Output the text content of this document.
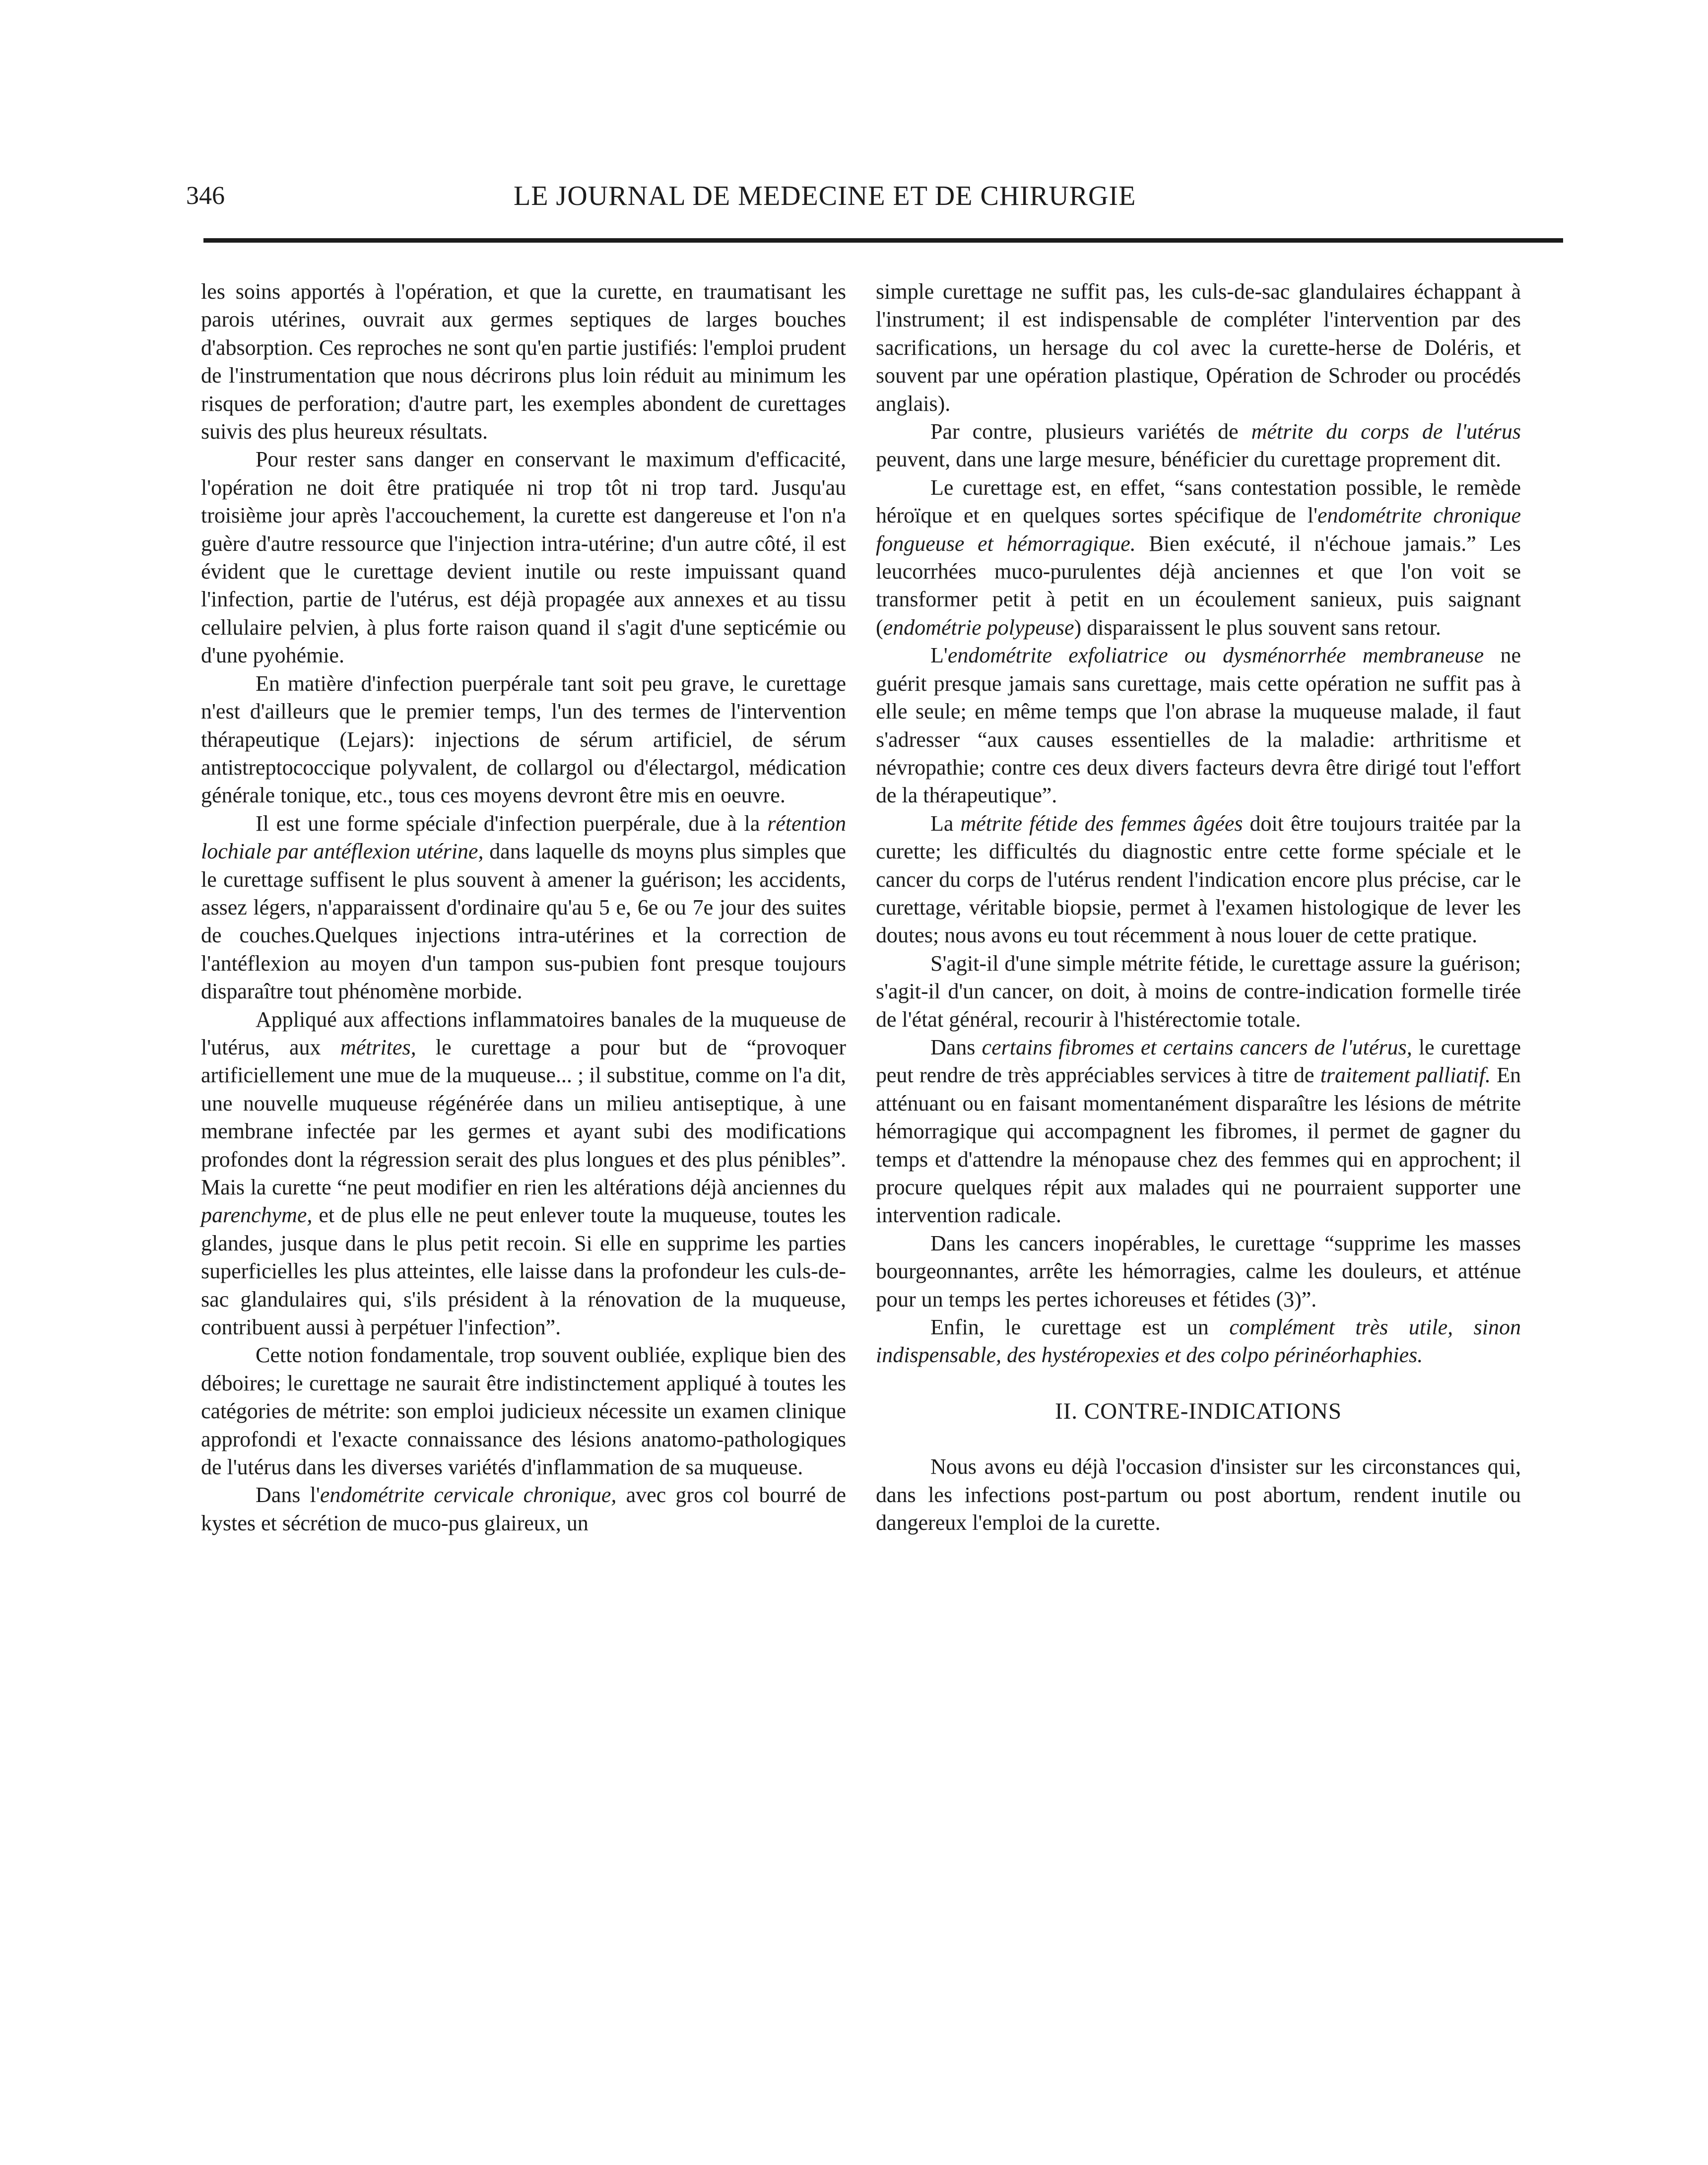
346	LE JOURNAL DE MEDECINE ET DE CHIRURGIE

les soins apportés à l'opération, et que la curette, en traumatisant les parois utérines, ouvrait aux germes septiques de larges bouches d'absorption. Ces reproches ne sont qu'en partie justifiés: l'emploi prudent de l'instrumentation que nous décrirons plus loin réduit au minimum les risques de perforation; d'autre part, les exemples abondent de curettages suivis des plus heureux résultats.

Pour rester sans danger en conservant le maximum d'efficacité, l'opération ne doit être pratiquée ni trop tôt ni trop tard. Jusqu'au troisième jour après l'accouchement, la curette est dangereuse et l'on n'a guère d'autre ressource que l'injection intra-utérine; d'un autre côté, il est évident que le curettage devient inutile ou reste impuissant quand l'infection, partie de l'utérus, est déjà propagée aux annexes et au tissu cellulaire pelvien, à plus forte raison quand il s'agit d'une septicémie ou d'une pyohémie.

En matière d'infection puerpérale tant soit peu grave, le curettage n'est d'ailleurs que le premier temps, l'un des termes de l'intervention thérapeutique (Lejars): injections de sérum artificiel, de sérum antistreptococcique polyvalent, de collargol ou d'électargol, médication générale tonique, etc., tous ces moyens devront être mis en oeuvre.

Il est une forme spéciale d'infection puerpérale, due à la rétention lochiale par antéflexion utérine, dans laquelle ds moyns plus simples que le curettage suffisent le plus souvent à amener la guérison; les accidents, assez légers, n'apparaissent d'ordinaire qu'au 5 e, 6e ou 7e jour des suites de couches.Quelques injections intra-utérines et la correction de l'antéflexion au moyen d'un tampon sus-pubien font presque toujours disparaître tout phénomène morbide.

Appliqué aux affections inflammatoires banales de la muqueuse de l'utérus, aux métrites, le curettage a pour but de “provoquer artificiellement une mue de la muqueuse... ; il substitue, comme on l'a dit, une nouvelle muqueuse régénérée dans un milieu antiseptique, à une membrane infectée par les germes et ayant subi des modifications profondes dont la régression serait des plus longues et des plus pénibles”. Mais la curette “ne peut modifier en rien les altérations déjà anciennes du parenchyme, et de plus elle ne peut enlever toute la muqueuse, toutes les glandes, jusque dans le plus petit recoin. Si elle en supprime les parties superficielles les plus atteintes, elle laisse dans la profondeur les culs-de-sac glandulaires qui, s'ils président à la rénovation de la muqueuse, contribuent aussi à perpétuer l'infection”.

Cette notion fondamentale, trop souvent oubliée, explique bien des déboires; le curettage ne saurait être indistinctement appliqué à toutes les catégories de métrite: son emploi judicieux nécessite un examen clinique approfondi et l'exacte connaissance des lésions anatomo-pathologiques de l'utérus dans les diverses variétés d'inflammation de sa muqueuse.

Dans l'endométrite cervicale chronique, avec gros col bourré de kystes et sécrétion de muco-pus glaireux, un

simple curettage ne suffit pas, les culs-de-sac glandulaires échappant à l'instrument; il est indispensable de compléter l'intervention par des sacrifications, un hersage du col avec la curette-herse de Doléris, et souvent par une opération plastique, Opération de Schroder ou procédés anglais).

Par contre, plusieurs variétés de métrite du corps de l'utérus peuvent, dans une large mesure, bénéficier du curettage proprement dit.

Le curettage est, en effet, “sans contestation possible, le remède héroïque et en quelques sortes spécifique de l'endométrite chronique fongueuse et hémorragique. Bien exécuté, il n'échoue jamais.” Les leucorrhées muco-purulentes déjà anciennes et que l'on voit se transformer petit à petit en un écoulement sanieux, puis saignant (endométrie polypeuse) disparaissent le plus souvent sans retour.

L'endométrite exfoliatrice ou dysménorrhée membraneuse ne guérit presque jamais sans curettage, mais cette opération ne suffit pas à elle seule; en même temps que l'on abrase la muqueuse malade, il faut s'adresser “aux causes essentielles de la maladie: arthritisme et névropathie; contre ces deux divers facteurs devra être dirigé tout l'effort de la thérapeutique”.

La métrite fétide des femmes âgées doit être toujours traitée par la curette; les difficultés du diagnostic entre cette forme spéciale et le cancer du corps de l'utérus rendent l'indication encore plus précise, car le curettage, véritable biopsie, permet à l'examen histologique de lever les doutes; nous avons eu tout récemment à nous louer de cette pratique.

S'agit-il d'une simple métrite fétide, le curettage assure la guérison; s'agit-il d'un cancer, on doit, à moins de contre-indication formelle tirée de l'état général, recourir à l'histérectomie totale.

Dans certains fibromes et certains cancers de l'utérus, le curettage peut rendre de très appréciables services à titre de traitement palliatif. En atténuant ou en faisant momentanément disparaître les lésions de métrite hémorragique qui accompagnent les fibromes, il permet de gagner du temps et d'attendre la ménopause chez des femmes qui en approchent; il procure quelques répit aux malades qui ne pourraient supporter une intervention radicale.

Dans les cancers inopérables, le curettage “supprime les masses bourgeonnantes, arrête les hémorragies, calme les douleurs, et atténue pour un temps les pertes ichoreuses et fétides (3)”.

Enfin, le curettage est un complément très utile, sinon indispensable, des hystéropexies et des colpo périnéorhaphies.

II. CONTRE-INDICATIONS

Nous avons eu déjà l'occasion d'insister sur les circonstances qui, dans les infections post-partum ou post abortum, rendent inutile ou dangereux l'emploi de la curette.
